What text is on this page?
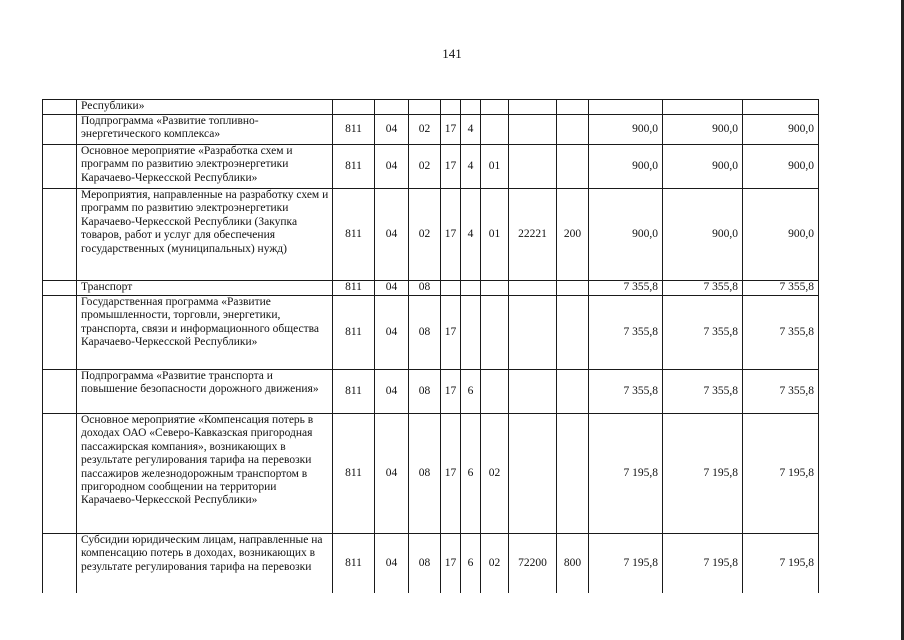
141
	Республики»											
	Подпрограмма «Развитие топливно-энергетического комплекса»	811	04	02	17	4				900,0	900,0	900,0
	Основное мероприятие «Разработка схем и программ по развитию электроэнергетики Карачаево-Черкесской Республики»	811	04	02	17	4	01			900,0	900,0	900,0
	Мероприятия, направленные на разработку схем и программ по развитию электроэнергетики Карачаево-Черкесской Республики (Закупка товаров, работ и услуг для обеспечения государственных (муниципальных) нужд)	811	04	02	17	4	01	22221	200	900,0	900,0	900,0
	Транспорт	811	04	08						7 355,8	7 355,8	7 355,8
	Государственная программа «Развитие промышленности, торговли, энергетики, транспорта, связи и информационного общества Карачаево-Черкесской Республики»	811	04	08	17					7 355,8	7 355,8	7 355,8
	Подпрограмма «Развитие транспорта и повышение безопасности дорожного движения»	811	04	08	17	6				7 355,8	7 355,8	7 355,8
	Основное мероприятие «Компенсация потерь в доходах ОАО «Северо-Кавказская пригородная пассажирская компания», возникающих в результате регулирования тарифа на перевозки пассажиров железнодорожным транспортом в пригородном сообщении на территории Карачаево-Черкесской Республики»	811	04	08	17	6	02			7 195,8	7 195,8	7 195,8
	Субсидии юридическим лицам, направленные на компенсацию потерь в доходах, возникающих в результате регулирования тарифа на перевозки	811	04	08	17	6	02	72200	800	7 195,8	7 195,8	7 195,8
